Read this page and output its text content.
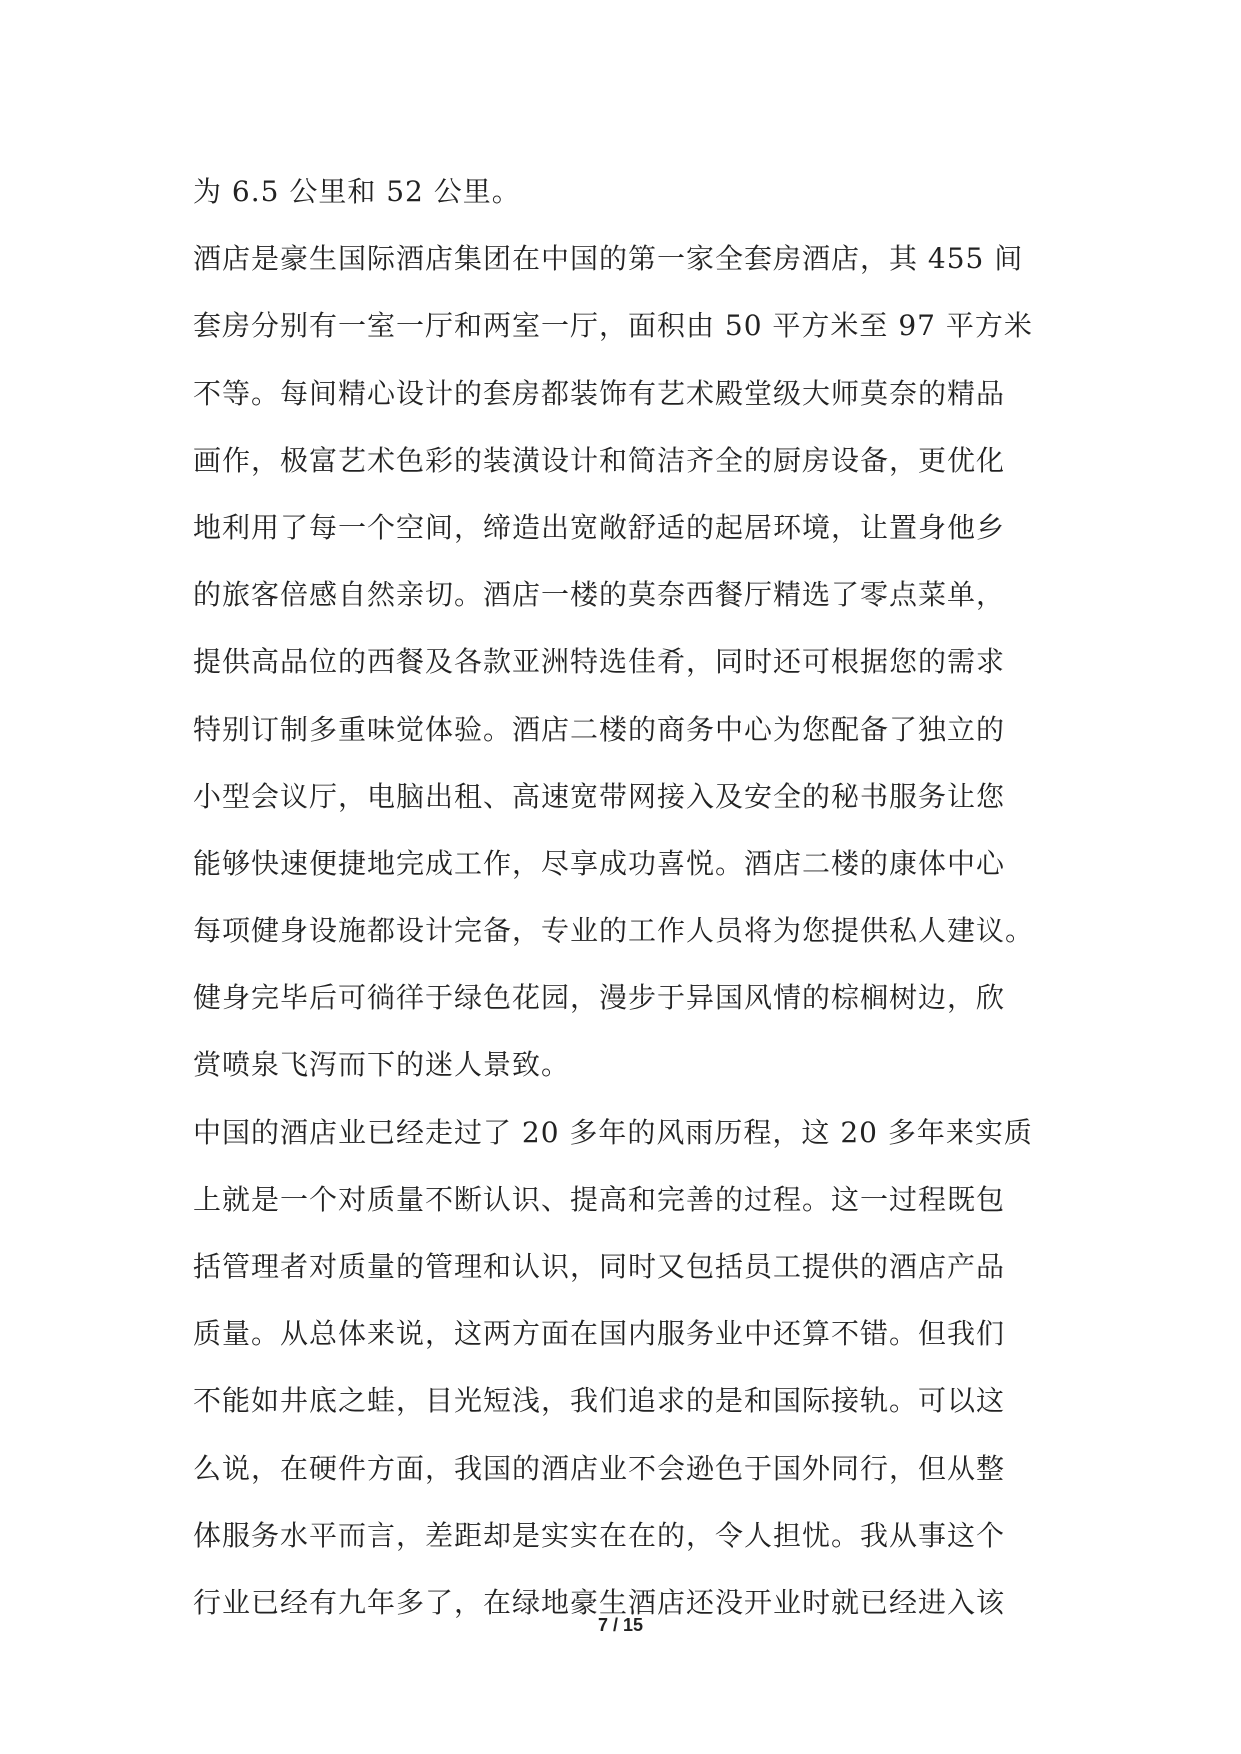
为 6.5 公里和 52 公里。
酒店是豪生国际酒店集团在中国的第一家全套房酒店，其 455 间
套房分别有一室一厅和两室一厅，面积由 50 平方米至 97 平方米
不等。每间精心设计的套房都装饰有艺术殿堂级大师莫奈的精品
画作，极富艺术色彩的装潢设计和简洁齐全的厨房设备，更优化
地利用了每一个空间，缔造出宽敞舒适的起居环境，让置身他乡
的旅客倍感自然亲切。酒店一楼的莫奈西餐厅精选了零点菜单，
提供高品位的西餐及各款亚洲特选佳肴，同时还可根据您的需求
特别订制多重味觉体验。酒店二楼的商务中心为您配备了独立的
小型会议厅，电脑出租、高速宽带网接入及安全的秘书服务让您
能够快速便捷地完成工作，尽享成功喜悦。酒店二楼的康体中心
每项健身设施都设计完备，专业的工作人员将为您提供私人建议。
健身完毕后可徜徉于绿色花园，漫步于异国风情的棕榈树边，欣
赏喷泉飞泻而下的迷人景致。
中国的酒店业已经走过了 20 多年的风雨历程，这 20 多年来实质
上就是一个对质量不断认识、提高和完善的过程。这一过程既包
括管理者对质量的管理和认识，同时又包括员工提供的酒店产品
质量。从总体来说，这两方面在国内服务业中还算不错。但我们
不能如井底之蛙，目光短浅，我们追求的是和国际接轨。可以这
么说，在硬件方面，我国的酒店业不会逊色于国外同行，但从整
体服务水平而言，差距却是实实在在的，令人担忧。我从事这个
行业已经有九年多了，在绿地豪生酒店还没开业时就已经进入该
7 / 15
